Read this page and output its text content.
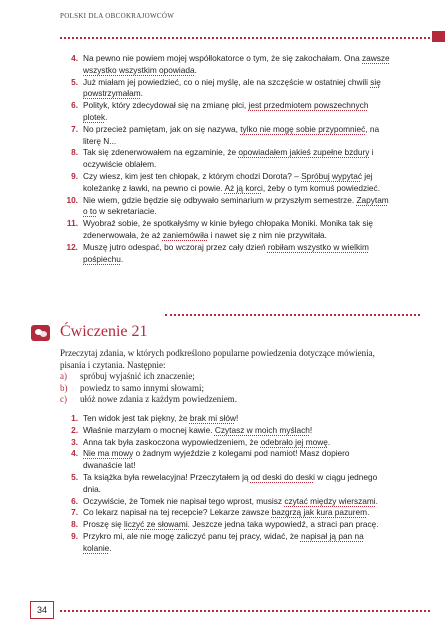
POLSKI DLA OBCOKRAJOWCÓW
4. Na pewno nie powiem mojej współlokatorce o tym, że się zakochałam. Ona zawsze wszystko wszystkim opowiada.
5. Już miałam jej powiedzieć, co o niej myślę, ale na szczęście w ostatniej chwili się powstrzymałam.
6. Polityk, który zdecydował się na zmianę płci, jest przedmiotem powszechnych plotek.
7. No przecież pamiętam, jak on się nazywa, tylko nie mogę sobie przypomnieć, na literę N...
8. Tak się zdenerwowałem na egzaminie, że opowiadałem jakieś zupełne bzdury i oczywiście oblałem.
9. Czy wiesz, kim jest ten chłopak, z którym chodzi Dorota? – Spróbuj wypytać jej koleżankę z ławki, na pewno ci powie. Aż ją korci, żeby o tym komuś powiedzieć.
10. Nie wiem, gdzie będzie się odbywało seminarium w przyszłym semestrze. Zapytam o to w sekretariacie.
11. Wyobraź sobie, że spotkałyśmy w kinie byłego chłopaka Moniki. Monika tak się zdenerwowała, że aż zaniemówiła i nawet się z nim nie przywitała.
12. Muszę jutro odespać, bo wczoraj przez cały dzień robiłam wszystko w wielkim pośpiechu.
Ćwiczenie 21

Przeczytaj zdania, w których podkreślono popularne powiedzenia dotyczące mówienia, pisania i czytania. Następnie:

a) spróbuj wyjaśnić ich znaczenie;
b) powiedz to samo innymi słowami;
c) ułóż nowe zdania z każdym powiedzeniem.
1. Ten widok jest tak piękny, że brak mi słów!
2. Właśnie marzyłam o mocnej kawie. Czytasz w moich myślach!
3. Anna tak była zaskoczona wypowiedzeniem, że odebrało jej mowę.
4. Nie ma mowy o żadnym wyjeździe z kolegami pod namiot! Masz dopiero dwanaście lat!
5. Ta książka była rewelacyjna! Przeczytałem ją od deski do deski w ciągu jednego dnia.
6. Oczywiście, że Tomek nie napisał tego wprost, musisz czytać między wierszami.
7. Co lekarz napisał na tej recepcie? Lekarze zawsze bazgrzą jak kura pazurem.
8. Proszę się liczyć ze słowami. Jeszcze jedna taka wypowiedź, a straci pan pracę.
9. Przykro mi, ale nie mogę zaliczyć panu tej pracy, widać, że napisał ją pan na kolanie.
34
